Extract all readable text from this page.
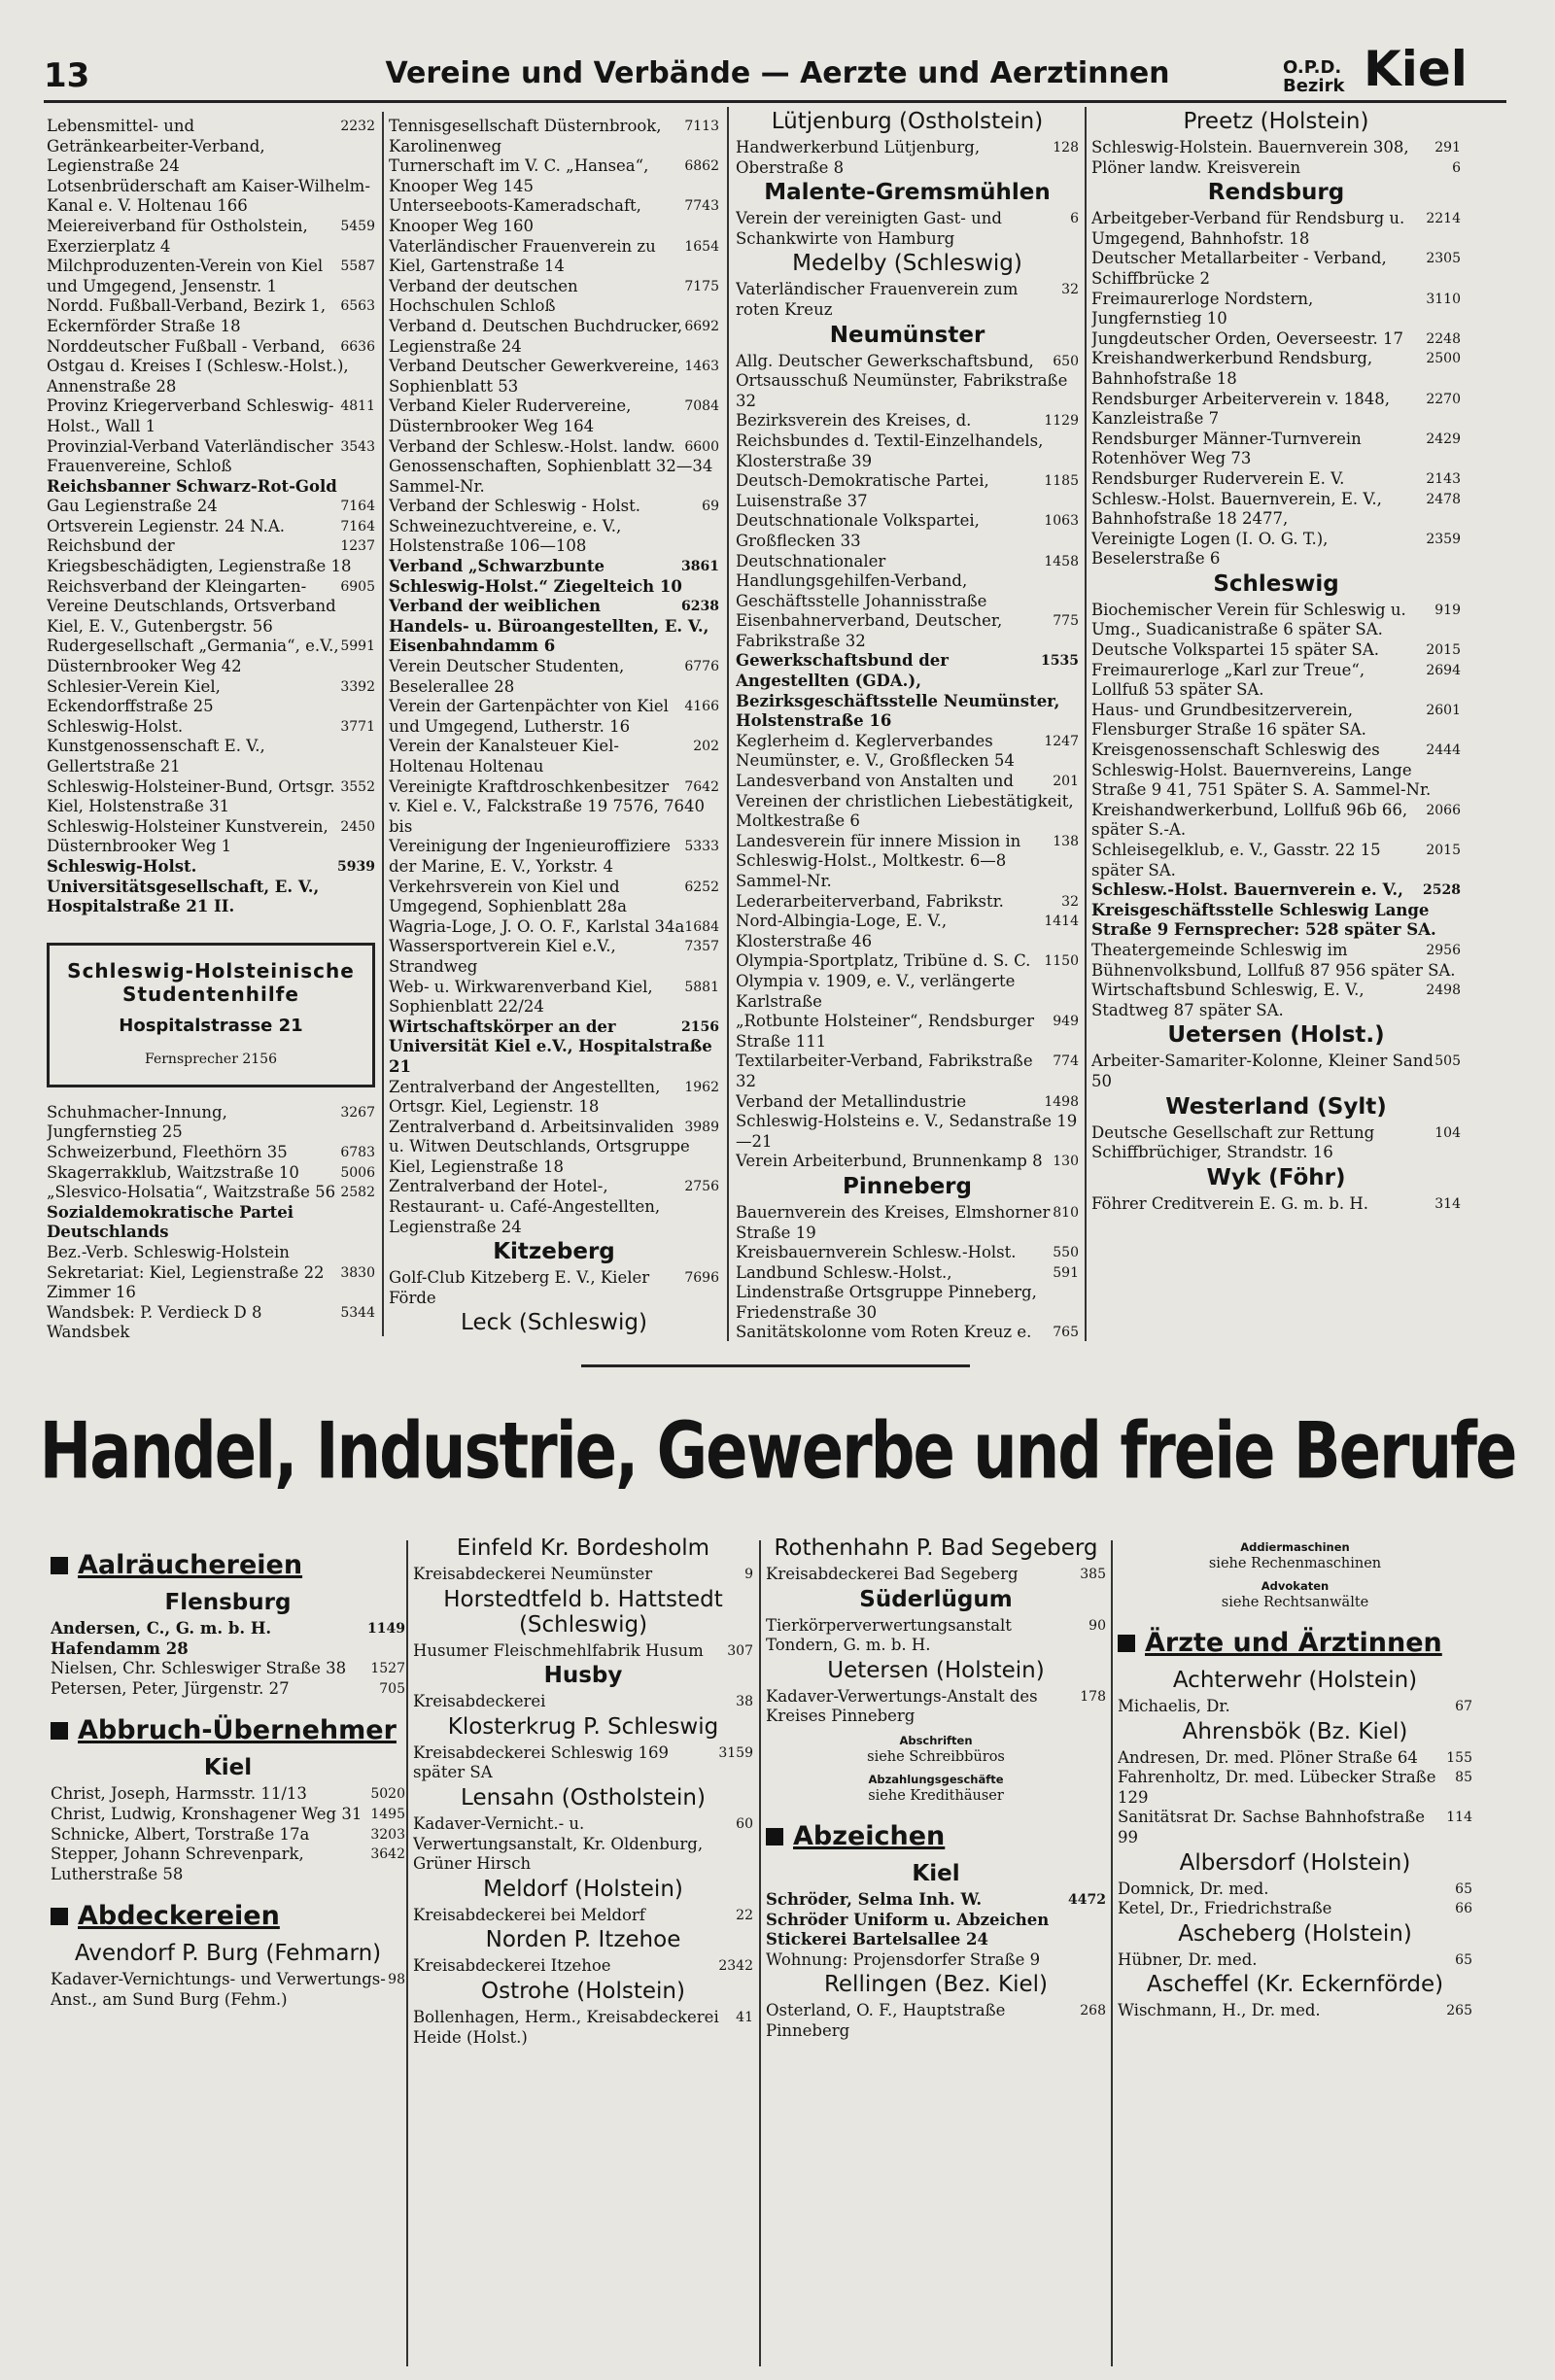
13	Vereine und Verbände — Aerzte und Aerztinnen	O.P.D.
Bezirk Kiel

2232
Lebensmittel- und Getränkearbeiter-Verband, Legienstraße 24

Lotsenbrüderschaft am Kaiser-Wilhelm-Kanal e. V. Holtenau 166

5459
Meiereiverband für Ostholstein, Exerzierplatz 4

5587
Milchproduzenten-Verein von Kiel und Umgegend, Jensenstr. 1

6563
Nordd. Fußball-Verband, Bezirk 1, Eckernförder Straße 18

6636
Norddeutscher Fußball - Verband, Ostgau d. Kreises I (Schlesw.-Holst.), Annenstraße 28

4811
Provinz Kriegerverband Schleswig-Holst., Wall 1

3543
Provinzial-Verband Vaterländischer Frauenvereine, Schloß

Reichsbanner Schwarz-Rot-Gold

7164
Gau Legienstraße 24

7164
Ortsverein Legienstr. 24 N.A.

1237
Reichsbund der Kriegsbeschädigten, Legienstraße 18

6905
Reichsverband der Kleingarten-Vereine Deutschlands, Ortsverband Kiel, E. V., Gutenbergstr. 56

5991
Rudergesellschaft „Germania“, e.V., Düsternbrooker Weg 42

3392
Schlesier-Verein Kiel, Eckendorffstraße 25

3771
Schleswig-Holst. Kunstgenossenschaft E. V., Gellertstraße 21

3552
Schleswig-Holsteiner-Bund, Ortsgr. Kiel, Holstenstraße 31

2450
Schleswig-Holsteiner Kunstverein, Düsternbrooker Weg 1

5939
Schleswig-Holst. Universitätsgesellschaft, E. V., Hospitalstraße 21 II.

Schleswig-Holsteinische
Studentenhilfe
Hospitalstrasse 21
Fernsprecher 2156

3267
Schuhmacher-Innung, Jungfernstieg 25

6783
Schweizerbund, Fleethörn 35

5006
Skagerrakklub, Waitzstraße 10

2582
„Slesvico-Holsatia“, Waitzstraße 56

Sozialdemokratische Partei Deutschlands

Bez.-Verb. Schleswig-Holstein

3830
Sekretariat: Kiel, Legienstraße 22 Zimmer 16

5344
Wandsbek: P. Verdieck D 8 Wandsbek

7113
Tennisgesellschaft Düsternbrook, Karolinenweg

6862
Turnerschaft im V. C. „Hansea“, Knooper Weg 145

7743
Unterseeboots-Kameradschaft, Knooper Weg 160

1654
Vaterländischer Frauenverein zu Kiel, Gartenstraße 14

7175
Verband der deutschen Hochschulen Schloß

6692
Verband d. Deutschen Buchdrucker, Legienstraße 24

1463
Verband Deutscher Gewerkvereine, Sophienblatt 53

7084
Verband Kieler Rudervereine, Düsternbrooker Weg 164

6600
Verband der Schlesw.-Holst. landw. Genossenschaften, Sophienblatt 32—34 Sammel-Nr.

69
Verband der Schleswig - Holst. Schweinezuchtvereine, e. V., Holstenstraße 106—108

3861
Verband „Schwarzbunte Schleswig-Holst.“ Ziegelteich 10

6238
Verband der weiblichen Handels- u. Büroangestellten, E. V., Eisenbahndamm 6

6776
Verein Deutscher Studenten, Beselerallee 28

4166
Verein der Gartenpächter von Kiel und Umgegend, Lutherstr. 16

202
Verein der Kanalsteuer Kiel-Holtenau Holtenau

7642
Vereinigte Kraftdroschkenbesitzer v. Kiel e. V., Falckstraße 19 7576, 7640 bis

5333
Vereinigung der Ingenieuroffiziere der Marine, E. V., Yorkstr. 4

6252
Verkehrsverein von Kiel und Umgegend, Sophienblatt 28a

1684
Wagria-Loge, J. O. O. F., Karlstal 34a

7357
Wassersportverein Kiel e.V., Strandweg

5881
Web- u. Wirkwarenverband Kiel, Sophienblatt 22/24

2156
Wirtschaftskörper an der Universität Kiel e.V., Hospitalstraße 21

1962
Zentralverband der Angestellten, Ortsgr. Kiel, Legienstr. 18

3989
Zentralverband d. Arbeitsinvaliden u. Witwen Deutschlands, Ortsgruppe Kiel, Legienstraße 18

2756
Zentralverband der Hotel-, Restaurant- u. Café-Angestellten, Legienstraße 24

Kitzeberg

7696
Golf-Club Kitzeberg E. V., Kieler Förde

Leck (Schleswig)

Lütjenburg (Ostholstein)

128
Handwerkerbund Lütjenburg, Oberstraße 8

Malente-Gremsmühlen

6
Verein der vereinigten Gast- und Schankwirte von Hamburg

Medelby (Schleswig)

32
Vaterländischer Frauenverein zum roten Kreuz

Neumünster

650
Allg. Deutscher Gewerkschaftsbund, Ortsausschuß Neumünster, Fabrikstraße 32

1129
Bezirksverein des Kreises, d. Reichsbundes d. Textil-Einzelhandels, Klosterstraße 39

1185
Deutsch-Demokratische Partei, Luisenstraße 37

1063
Deutschnationale Volkspartei, Großflecken 33

1458
Deutschnationaler Handlungsgehilfen-Verband, Geschäftsstelle Johannisstraße

775
Eisenbahnerverband, Deutscher, Fabrikstraße 32

1535
Gewerkschaftsbund der Angestellten (GDA.), Bezirksgeschäftsstelle Neumünster, Holstenstraße 16

1247
Keglerheim d. Keglerverbandes Neumünster, e. V., Großflecken 54

201
Landesverband von Anstalten und Vereinen der christlichen Liebestätigkeit, Moltkestraße 6

138
Landesverein für innere Mission in Schleswig-Holst., Moltkestr. 6—8 Sammel-Nr.

32
Lederarbeiterverband, Fabrikstr.

1414
Nord-Albingia-Loge, E. V., Klosterstraße 46

1150
Olympia-Sportplatz, Tribüne d. S. C. Olympia v. 1909, e. V., verlängerte Karlstraße

949
„Rotbunte Holsteiner“, Rendsburger Straße 111

774
Textilarbeiter-Verband, Fabrikstraße 32

1498
Verband der Metallindustrie Schleswig-Holsteins e. V., Sedanstraße 19—21

130
Verein Arbeiterbund, Brunnenkamp 8

Pinneberg

810
Bauernverein des Kreises, Elmshorner Straße 19

550
Kreisbauernverein Schlesw.-Holst.

591
Landbund Schlesw.-Holst., Lindenstraße Ortsgruppe Pinneberg, Friedenstraße 30

765
Sanitätskolonne vom Roten Kreuz e.

Preetz (Holstein)

291
Schleswig-Holstein. Bauernverein 308,

6
Plöner landw. Kreisverein

Rendsburg

2214
Arbeitgeber-Verband für Rendsburg u. Umgegend, Bahnhofstr. 18

2305
Deutscher Metallarbeiter - Verband, Schiffbrücke 2

3110
Freimaurerloge Nordstern, Jungfernstieg 10

2248
Jungdeutscher Orden, Oeverseestr. 17

2500
Kreishandwerkerbund Rendsburg, Bahnhofstraße 18

2270
Rendsburger Arbeiterverein v. 1848, Kanzleistraße 7

2429
Rendsburger Männer-Turnverein Rotenhöver Weg 73

2143
Rendsburger Ruderverein E. V.

2478
Schlesw.-Holst. Bauernverein, E. V., Bahnhofstraße 18 2477,

2359
Vereinigte Logen (I. O. G. T.), Beselerstraße 6

Schleswig

919
Biochemischer Verein für Schleswig u. Umg., Suadicanistraße 6 später SA.

2015
Deutsche Volkspartei 15 später SA.

2694
Freimaurerloge „Karl zur Treue“, Lollfuß 53 später SA.

2601
Haus- und Grundbesitzerverein, Flensburger Straße 16 später SA.

2444
Kreisgenossenschaft Schleswig des Schleswig-Holst. Bauernvereins, Lange Straße 9 41, 751 Später S. A. Sammel-Nr.

2066
Kreishandwerkerbund, Lollfuß 96b 66, später S.-A.

2015
Schleisegelklub, e. V., Gasstr. 22 15 später SA.

2528
Schlesw.-Holst. Bauernverein e. V., Kreisgeschäftsstelle Schleswig Lange Straße 9 Fernsprecher: 528 später SA.

2956
Theatergemeinde Schleswig im Bühnenvolksbund, Lollfuß 87 956 später SA.

2498
Wirtschaftsbund Schleswig, E. V., Stadtweg 87 später SA.

Uetersen (Holst.)

505
Arbeiter-Samariter-Kolonne, Kleiner Sand 50

Westerland (Sylt)

104
Deutsche Gesellschaft zur Rettung Schiffbrüchiger, Strandstr. 16

Wyk (Föhr)

314
Föhrer Creditverein E. G. m. b. H.

Handel, Industrie, Gewerbe und freie Berufe
Aalräuchereien
Flensburg

1149
Andersen, C., G. m. b. H. Hafendamm 28

1527
Nielsen, Chr. Schleswiger Straße 38

705
Petersen, Peter, Jürgenstr. 27

Abbruch-Übernehmer
Kiel

5020
Christ, Joseph, Harmsstr. 11/13

1495
Christ, Ludwig, Kronshagener Weg 31

3203
Schnicke, Albert, Torstraße 17a

3642
Stepper, Johann Schrevenpark, Lutherstraße 58

Abdeckereien
Avendorf P. Burg (Fehmarn)

98
Kadaver-Vernichtungs- und Verwertungs-Anst., am Sund Burg (Fehm.)

Einfeld Kr. Bordesholm

9
Kreisabdeckerei Neumünster

Horstedtfeld b. Hattstedt (Schleswig)

307
Husumer Fleischmehlfabrik Husum

Husby

38
Kreisabdeckerei

Klosterkrug P. Schleswig

3159
Kreisabdeckerei Schleswig 169 später SA

Lensahn (Ostholstein)

60
Kadaver-Vernicht.- u. Verwertungsanstalt, Kr. Oldenburg, Grüner Hirsch

Meldorf (Holstein)

22
Kreisabdeckerei bei Meldorf

Norden P. Itzehoe

2342
Kreisabdeckerei Itzehoe

Ostrohe (Holstein)

41
Bollenhagen, Herm., Kreisabdeckerei Heide (Holst.)

Rothenhahn P. Bad Segeberg

385
Kreisabdeckerei Bad Segeberg

Süderlügum

90
Tierkörperverwertungsanstalt Tondern, G. m. b. H.

Uetersen (Holstein)

178
Kadaver-Verwertungs-Anstalt des Kreises Pinneberg

Abschriften
siehe Schreibbüros
Abzahlungsgeschäfte
siehe Kredithäuser
Abzeichen
Kiel

4472
Schröder, Selma Inh. W. Schröder Uniform u. Abzeichen Stickerei Bartelsallee 24

Wohnung: Projensdorfer Straße 9

Rellingen (Bez. Kiel)

268
Osterland, O. F., Hauptstraße Pinneberg

Addiermaschinen
siehe Rechenmaschinen
Advokaten
siehe Rechtsanwälte
Ärzte und Ärztinnen
Achterwehr (Holstein)

67
Michaelis, Dr.

Ahrensbök (Bz. Kiel)

155
Andresen, Dr. med. Plöner Straße 64

85
Fahrenholtz, Dr. med. Lübecker Straße 129

114
Sanitätsrat Dr. Sachse Bahnhofstraße 99

Albersdorf (Holstein)

65
Domnick, Dr. med.

66
Ketel, Dr., Friedrichstraße

Ascheberg (Holstein)

65
Hübner, Dr. med.

Ascheffel (Kr. Eckernförde)

265
Wischmann, H., Dr. med.
